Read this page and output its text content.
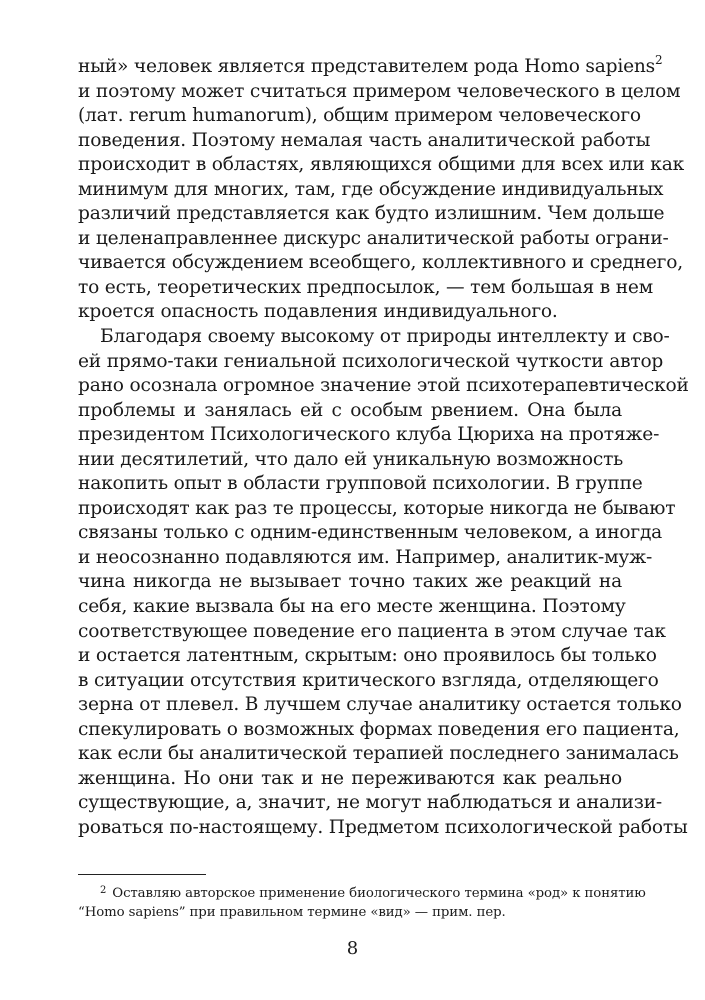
ный» человек является представителем рода Homo sapiens$^2$
и поэтому может считаться примером человеческого в целом
(лат. rerum humanorum), общим примером человеческого
поведения. Поэтому немалая часть аналитической работы
происходит в областях, являющихся общими для всех или как
минимум для многих, там, где обсуждение индивидуальных
различий представляется как будто излишним. Чем дольше
и целенаправленнее дискурс аналитической работы ограни-
чивается обсуждением всеобщего, коллективного и среднего,
то есть, теоретических предпосылок, — тем большая в нем
кроется опасность подавления индивидуального.
Благодаря своему высокому от природы интеллекту и сво-
ей прямо-таки гениальной психологической чуткости автор
рано осознала огромное значение этой психотерапевтической
проблемы и занялась ей с особым рвением. Она была
президентом Психологического клуба Цюриха на протяже-
нии десятилетий, что дало ей уникальную возможность
накопить опыт в области групповой психологии. В группе
происходят как раз те процессы, которые никогда не бывают
связаны только с одним-единственным человеком, а иногда
и неосознанно подавляются им. Например, аналитик-муж-
чина никогда не вызывает точно таких же реакций на
себя, какие вызвала бы на его месте женщина. Поэтому
соответствующее поведение его пациента в этом случае так
и остается латентным, скрытым: оно проявилось бы только
в ситуации отсутствия критического взгляда, отделяющего
зерна от плевел. В лучшем случае аналитику остается только
спекулировать о возможных формах поведения его пациента,
как если бы аналитической терапией последнего занималась
женщина. Но они так и не переживаются как реально
существующие, а, значит, не могут наблюдаться и анализи-
роваться по-настоящему. Предметом психологической работы
$^2$ Оставляю авторское применение биологического термина «род» к понятию
“Homo sapiens” при правильном термине «вид» — прим. пер.
8
